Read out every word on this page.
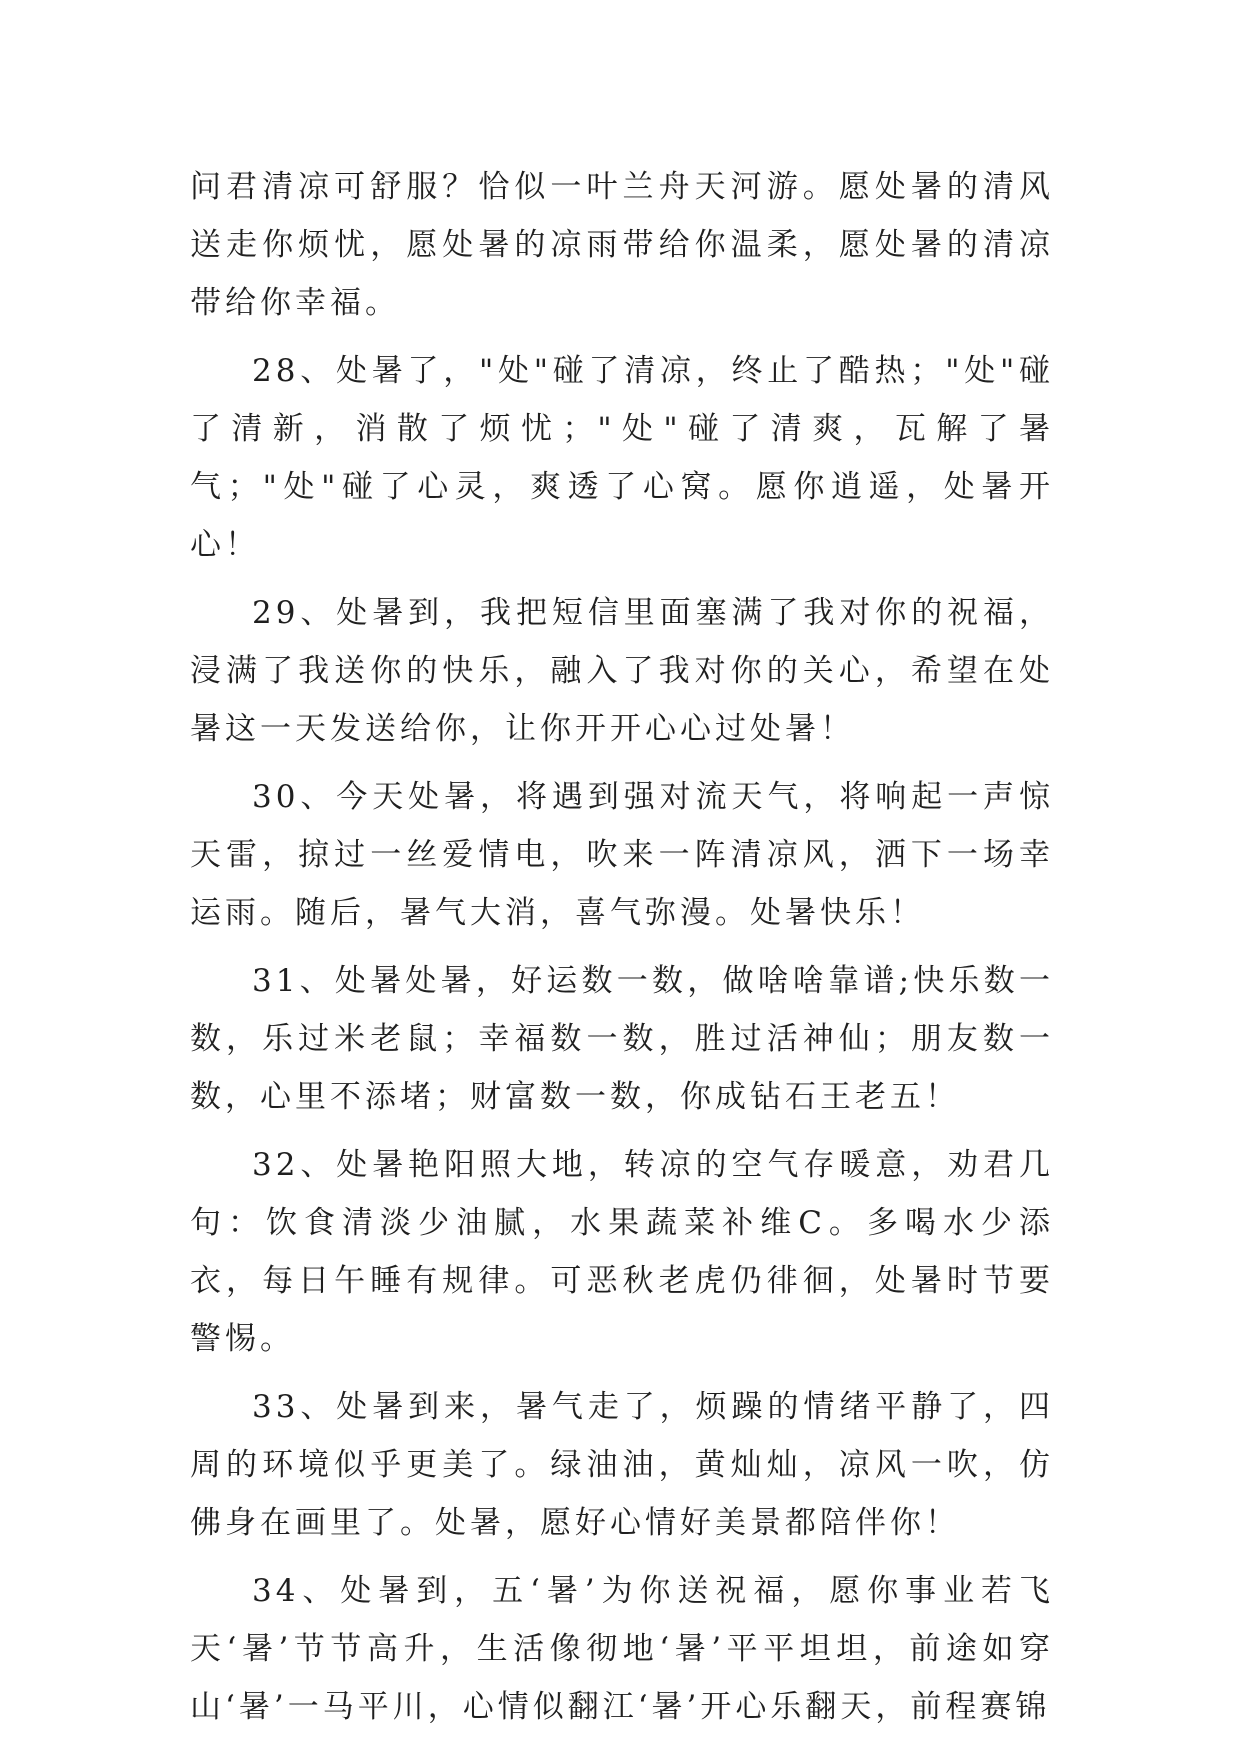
问君清凉可舒服？恰似一叶兰舟天河游。愿处暑的清风送走你烦忧，愿处暑的凉雨带给你温柔，愿处暑的清凉带给你幸福。

28、处暑了，"处"碰了清凉，终止了酷热；"处"碰了清新，消散了烦忧；"处"碰了清爽，瓦解了暑气；"处"碰了心灵，爽透了心窝。愿你逍遥，处暑开心！

29、处暑到，我把短信里面塞满了我对你的祝福，浸满了我送你的快乐，融入了我对你的关心，希望在处暑这一天发送给你，让你开开心心过处暑！

30、今天处暑，将遇到强对流天气，将响起一声惊天雷，掠过一丝爱情电，吹来一阵清凉风，洒下一场幸运雨。随后，暑气大消，喜气弥漫。处暑快乐！

31、处暑处暑，好运数一数，做啥啥靠谱;快乐数一数，乐过米老鼠；幸福数一数，胜过活神仙；朋友数一数，心里不添堵；财富数一数，你成钻石王老五！

32、处暑艳阳照大地，转凉的空气存暖意，劝君几句：饮食清淡少油腻，水果蔬菜补维C。多喝水少添衣，每日午睡有规律。可恶秋老虎仍徘徊，处暑时节要警惕。

33、处暑到来，暑气走了，烦躁的情绪平静了，四周的环境似乎更美了。绿油油，黄灿灿，凉风一吹，仿佛身在画里了。处暑，愿好心情好美景都陪伴你！

34、处暑到，五‘暑’为你送祝福，愿你事业若飞天‘暑’节节高升，生活像彻地‘暑’平平坦坦，前途如穿山‘暑’一马平川，心情似翻江‘暑’开心乐翻天，前程赛锦
